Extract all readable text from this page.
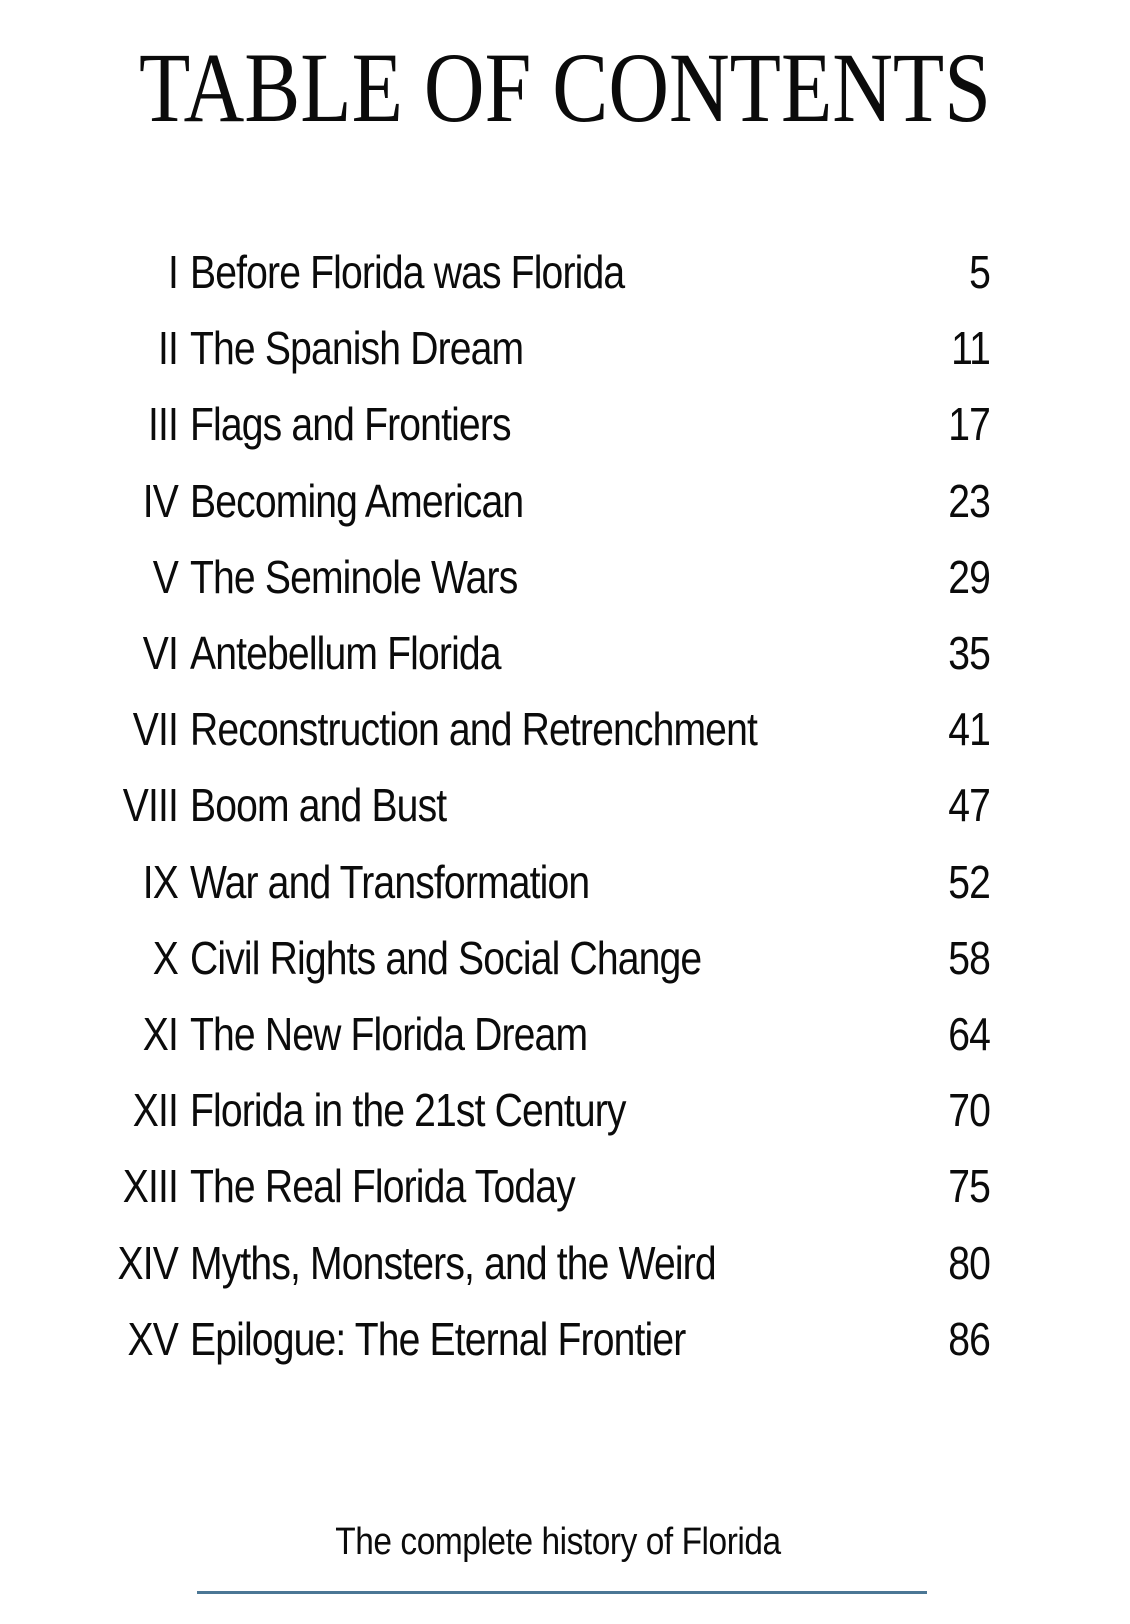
TABLE OF CONTENTS
I Before Florida was Florida	5
II The Spanish Dream	11
III Flags and Frontiers	17
IV Becoming American	23
V The Seminole Wars	29
VI Antebellum Florida	35
VII Reconstruction and Retrenchment	41
VIII Boom and Bust	47
IX War and Transformation	52
X Civil Rights and Social Change	58
XI The New Florida Dream	64
XII Florida in the 21st Century	70
XIII The Real Florida Today	75
XIV Myths, Monsters, and the Weird	80
XV Epilogue: The Eternal Frontier	86
The complete history of Florida
